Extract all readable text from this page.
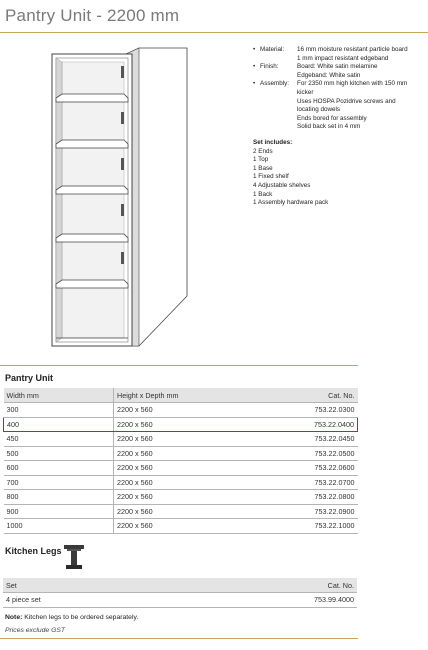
Pantry Unit - 2200 mm
• Material:	16 mm moisture resistant particle board
1 mm impact resistant edgeband
• Finish:	Board: White satin melamine
Edgeband: White satin
• Assembly:	For 2350 mm high kitchen with 150 mm
kicker
Uses HOSPA Pozidrive screws and
locating dowels
Ends bored for assembly
Solid back set in 4 mm
Set includes:
2 Ends
1 Top
1 Base
1 Fixed shelf
4 Adjustable shelves
1 Back
1 Assembly hardware pack
Pantry Unit
Width mm	Height x Depth mm	Cat. No.
300	2200 x 560	753.22.0300
400	2200 x 560	753.22.0400
450	2200 x 560	753.22.0450
500	2200 x 560	753.22.0500
600	2200 x 560	753.22.0600
700	2200 x 560	753.22.0700
800	2200 x 560	753.22.0800
900	2200 x 560	753.22.0900
1000	2200 x 560	753.22.1000
Kitchen Legs
Set	Cat. No.
4 piece set	753.99.4000
Note: Kitchen legs to be ordered separately.
Prices exclude GST
